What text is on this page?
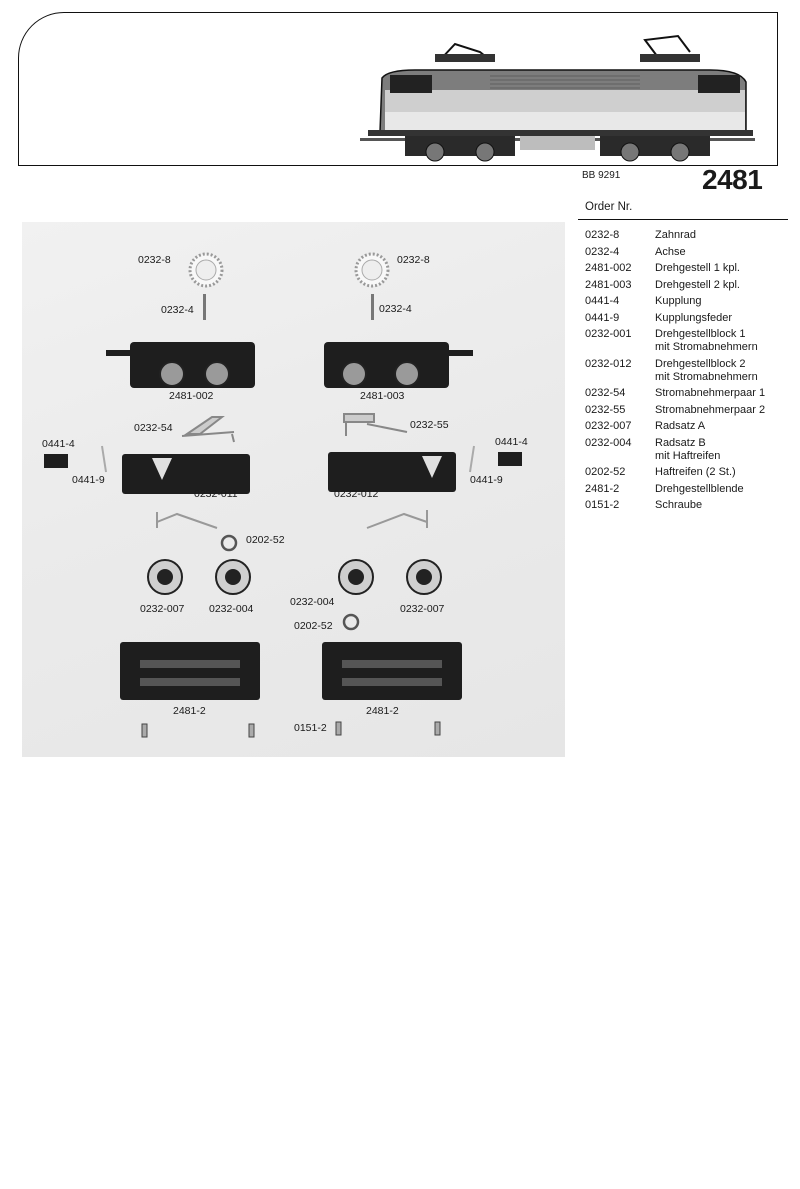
BB 9291	2481
Order Nr.
0232-8	Zahnrad
0232-4	Achse
2481-002	Drehgestell 1 kpl.
2481-003	Drehgestell 2 kpl.
0441-4	Kupplung
0441-9	Kupplungsfeder
0232-001	Drehgestellblock 1
	mit Stromabnehmern
0232-012	Drehgestellblock 2
	mit Stromabnehmern
0232-54	Stromabnehmerpaar 1
0232-55	Stromabnehmerpaar 2
0232-007	Radsatz A
0232-004	Radsatz B
	mit Haftreifen
0202-52	Haftreifen (2 St.)
2481-2	Drehgestellblende
0151-2	Schraube
0232-8	0232-8
0232-4	0232-4
2481-002	2481-003
0232-54	0232-55
0441-4	0441-4
0441-9	0441-9
0232-011	0232-012
0202-52
0202-52
0232-007 0232-004
0232-004
0232-007
2481-2	2481-2
0151-2
